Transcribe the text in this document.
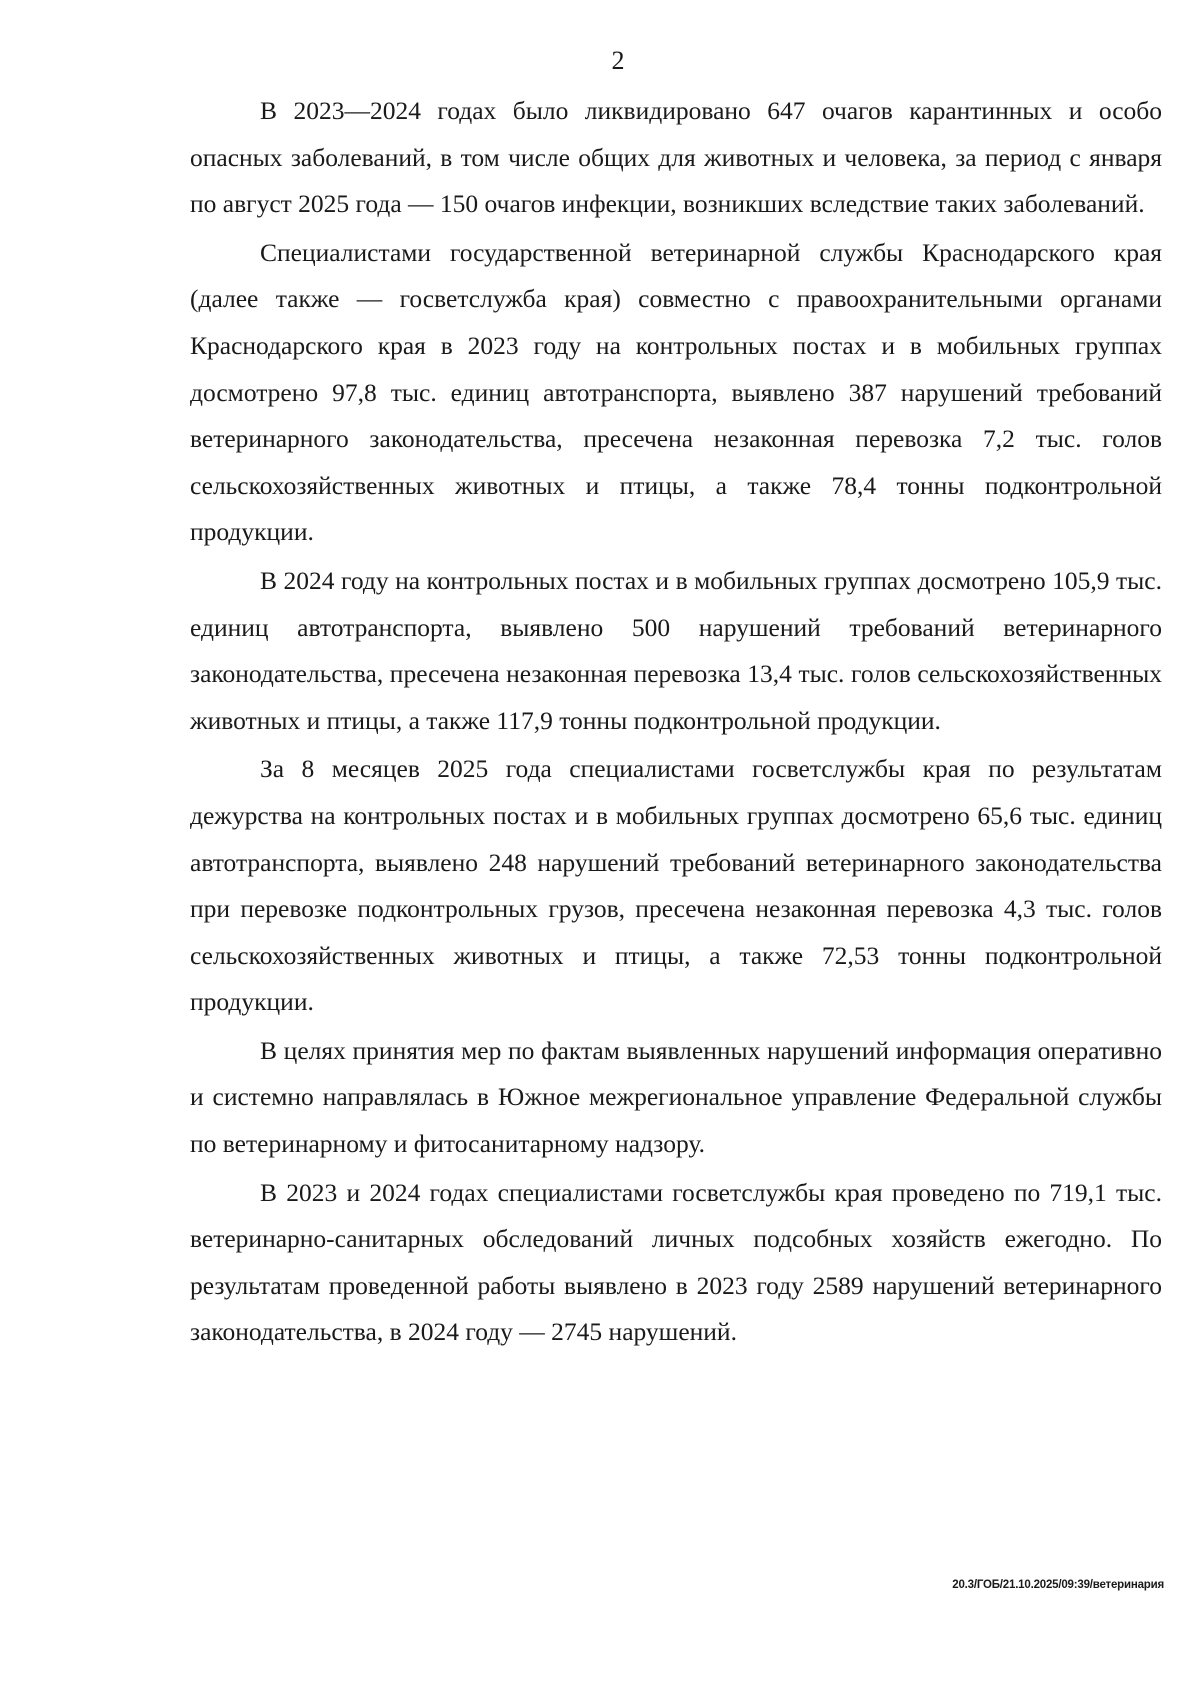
2

В 2023—2024 годах было ликвидировано 647 очагов карантинных и особо опасных заболеваний, в том числе общих для животных и человека, за период с января по август 2025 года — 150 очагов инфекции, возникших вследствие таких заболеваний.

Специалистами государственной ветеринарной службы Краснодарского края (далее также — госветслужба края) совместно с правоохранительными органами Краснодарского края в 2023 году на контрольных постах и в мобильных группах досмотрено 97,8 тыс. единиц автотранспорта, выявлено 387 нарушений требований ветеринарного законодательства, пресечена незаконная перевозка 7,2 тыс. голов сельскохозяйственных животных и птицы, а также 78,4 тонны подконтрольной продукции.

В 2024 году на контрольных постах и в мобильных группах досмотрено 105,9 тыс. единиц автотранспорта, выявлено 500 нарушений требований ветеринарного законодательства, пресечена незаконная перевозка 13,4 тыс. голов сельскохозяйственных животных и птицы, а также 117,9 тонны подконтрольной продукции.

За 8 месяцев 2025 года специалистами госветслужбы края по результатам дежурства на контрольных постах и в мобильных группах досмотрено 65,6 тыс. единиц автотранспорта, выявлено 248 нарушений требований ветеринарного законодательства при перевозке подконтрольных грузов, пресечена незаконная перевозка 4,3 тыс. голов сельскохозяйственных животных и птицы, а также 72,53 тонны подконтрольной продукции.

В целях принятия мер по фактам выявленных нарушений информация оперативно и системно направлялась в Южное межрегиональное управление Федеральной службы по ветеринарному и фитосанитарному надзору.

В 2023 и 2024 годах специалистами госветслужбы края проведено по 719,1 тыс. ветеринарно-санитарных обследований личных подсобных хозяйств ежегодно. По результатам проведенной работы выявлено в 2023 году 2589 нарушений ветеринарного законодательства, в 2024 году — 2745 нарушений.

20.3/ГОБ/21.10.2025/09:39/ветеринария
